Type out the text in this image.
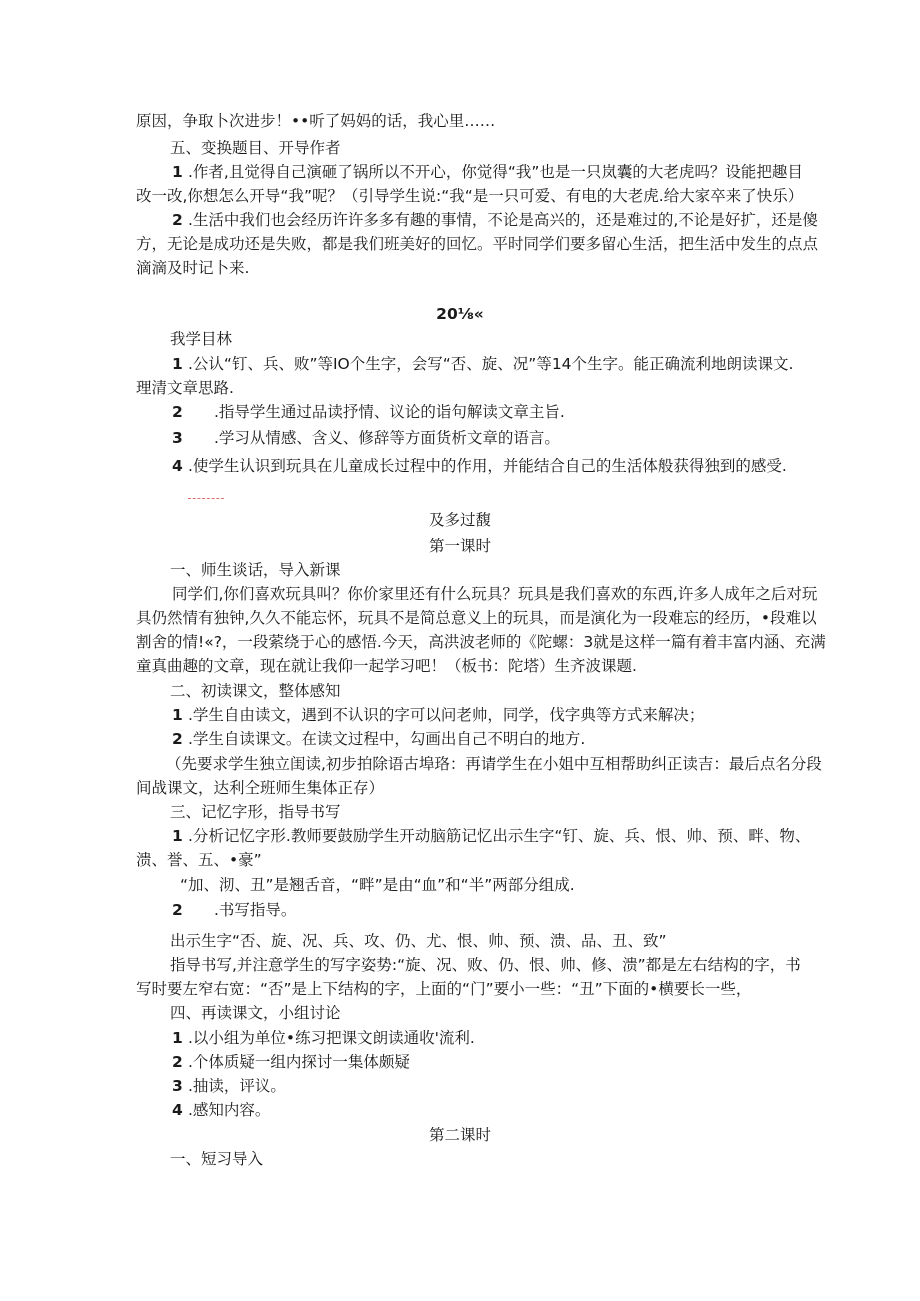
原因，争取卜次进步！••听了妈妈的话，我心里……
五、变换题目、开导作者
1 .作者,且觉得自己演砸了锅所以不开心，你觉得“我”也是一只岚囊的大老虎吗？设能把趣目
改一改,你想怎么开导“我”呢？（引导学生说:“我“是一只可爱、有电的大老虎.给大家卒来了快乐）
2 .生活中我们也会经历许许多多有趣的事情，不论是高兴的，还是难过的,不论是好扩，还是傻
方，无论是成功还是失败，都是我们班美好的回忆。平时同学们要多留心生活，把生活中发生的点点
滴滴及时记卜来.
20⅛«
我学目林
1 .公认“钉、兵、败”等IO个生字，会写“否、旋、况”等14个生字。能正确流利地朗读课文.
理清文章思路.
2 .指导学生通过品读抒情、议论的诣句解读文章主旨.
3 .学习从情感、含义、修辞等方面货析文章的语言。
4 .使学生认识到玩具在儿童成长过程中的作用，并能结合自己的生活体般获得独到的感受.
及多过馥
第一课时
一、师生谈话，导入新课
同学们,你们喜欢玩具叫？你价家里还有什么玩具？玩具是我们喜欢的东西,许多人成年之后对玩
具仍然情有独钟,久久不能忘怀，玩具不是简总意义上的玩具，而是演化为一段难忘的经历，•段难以
割舍的情!«?，一段萦绕于心的感悟.今天，高洪波老师的《陀螺：3就是这样一篇有着丰富内涵、充满
童真曲趣的文章，现在就让我仰一起学习吧！（板书：陀塔）生齐波课题.
二、初读课文，整体感知
1 .学生自由读文，遇到不认识的字可以问老帅，同学，伐字典等方式来解决；
2 .学生自读课文。在读文过程中，勾画出自己不明白的地方.
（先要求学生独立闺读,初步拍除语古埠珞：再请学生在小姐中互相帮助纠正读吉：最后点名分段
间战课文，达利仝班师生集体正存）
三、记忆字形，指导书写
1 .分析记忆字形.教师要鼓励学生开动脑筋记忆出示生字“钉、旋、兵、恨、帅、预、畔、物、
溃、誉、五、•豪”
“加、沏、丑”是翘舌音，“畔”是由“血”和“半”两部分组成.
2 .书写指导。
出示生字“否、旋、况、兵、攻、仍、尤、恨、帅、预、溃、品、丑、致”
指导书写,并注意学生的写字姿势:“旋、况、败、仍、恨、帅、修、溃”都是左右结构的字，书
写时要左窄右宽：“否”是上下结构的字，上面的“门”要小一些：“丑”下面的•横要长一些，
四、再读课文，小组讨论
1 .以小组为单位•练习把课文朗读通收'流利.
2 .个体质疑一组内探讨一集体颇疑
3 .抽读，评议。
4 .感知内容。
第二课时
一、短习导入
